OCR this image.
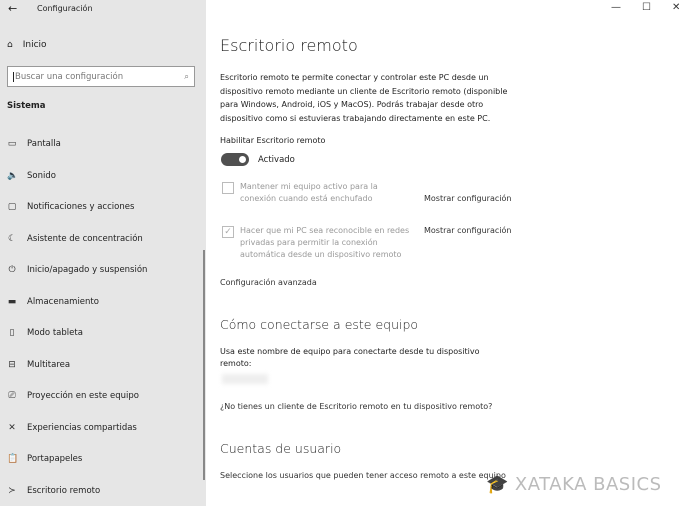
← Configuración
⌂ Inicio
Buscar una configuración	⌕
Sistema
▭ Pantalla
🔈 Sonido
▢ Notificaciones y acciones
☾ Asistente de concentración
⏻ Inicio/apagado y suspensión
▬ Almacenamiento
▯ Modo tableta
⊟ Multitarea
⎚ Proyección en este equipo
✕ Experiencias compartidas
📋 Portapapeles
≻ Escritorio remoto
— ☐ ✕
Escritorio remoto
Escritorio remoto te permite conectar y controlar este PC desde un dispositivo remoto mediante un cliente de Escritorio remoto (disponible para Windows, Android, iOS y MacOS). Podrás trabajar desde otro dispositivo como si estuvieras trabajando directamente en este PC.
Habilitar Escritorio remoto
Activado
Mantener mi equipo activo para la conexión cuando está enchufado	Mostrar configuración
✓ Hacer que mi PC sea reconocible en redes privadas para permitir la conexión automática desde un dispositivo remoto
Mostrar configuración
Configuración avanzada
Cómo conectarse a este equipo
Usa este nombre de equipo para conectarte desde tu dispositivo remoto:
¿No tienes un cliente de Escritorio remoto en tu dispositivo remoto?
Cuentas de usuario
Seleccione los usuarios que pueden tener acceso remoto a este equipo
🎓 XATAKA BASICS
